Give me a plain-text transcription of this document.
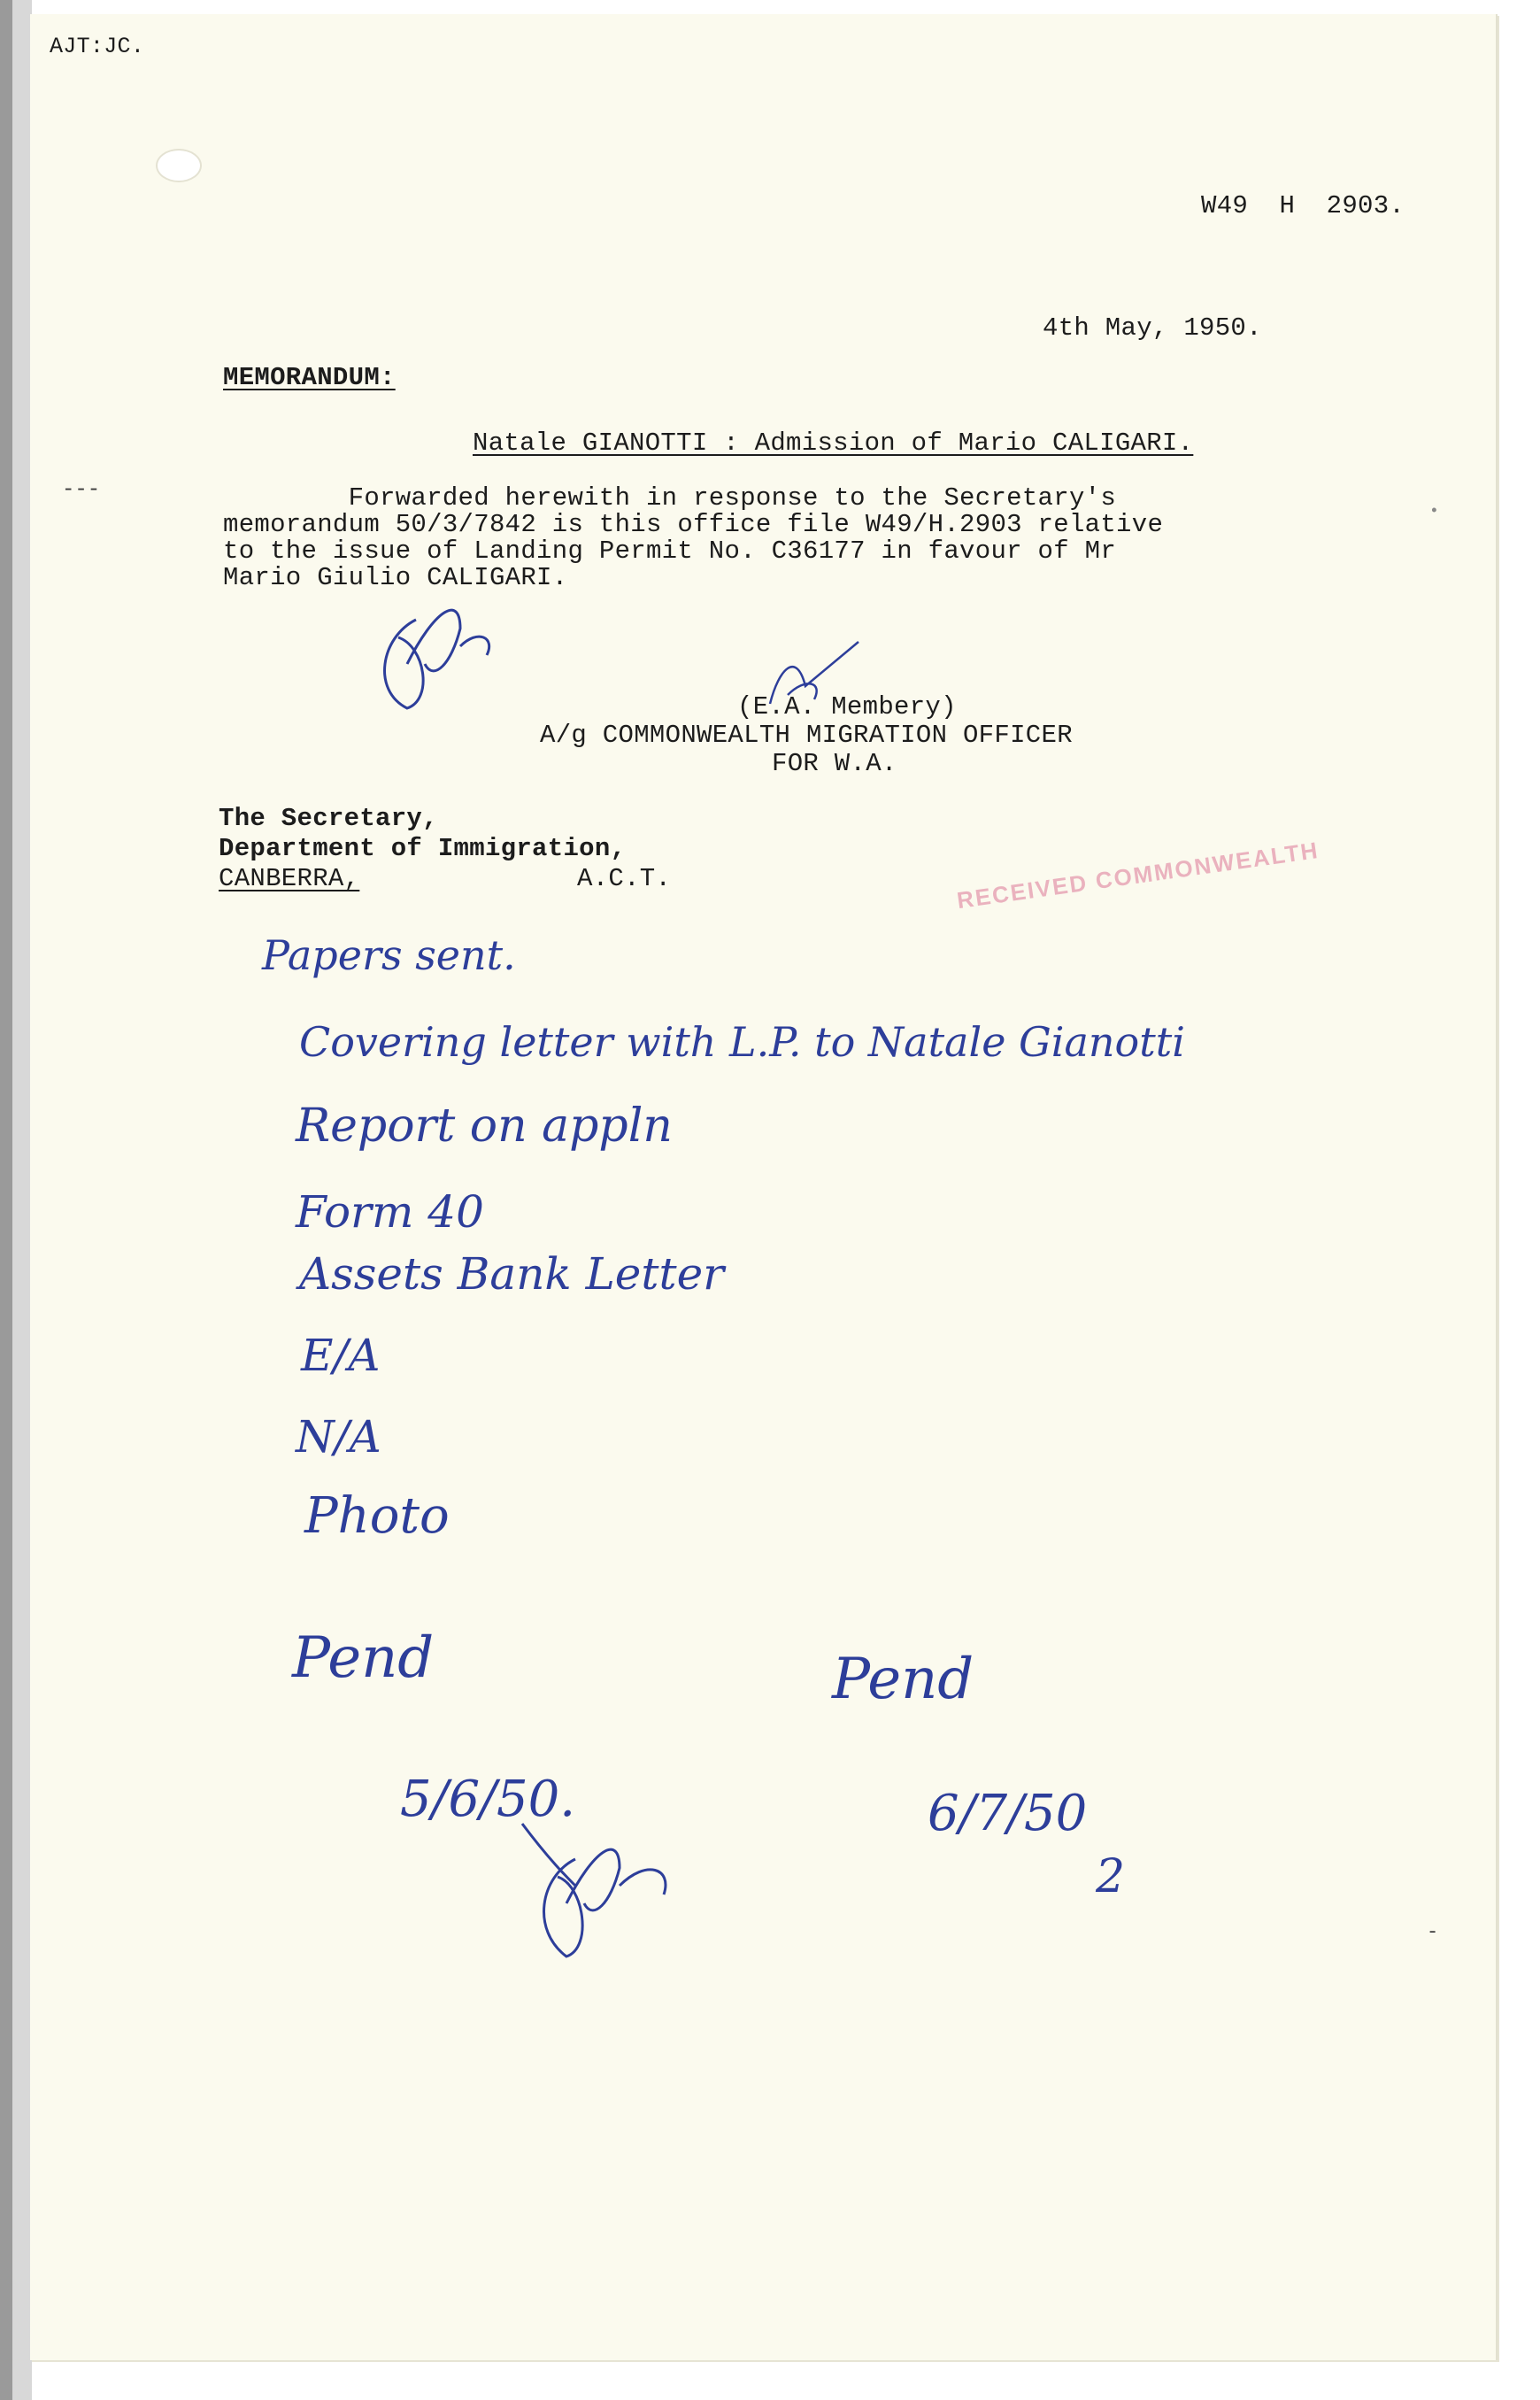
---
•
AJT:JC.
W49  H  2903.
4th May, 1950.
MEMORANDUM:
Natale GIANOTTI : Admission of Mario CALIGARI.
Forwarded herewith in response to the Secretary's
memorandum 50/3/7842 is this office file W49/H.2903 relative
to the issue of Landing Permit No. C36177 in favour of Mr
Mario Giulio CALIGARI.
(E.A. Membery)
A/g COMMONWEALTH MIGRATION OFFICER
FOR W.A.
The Secretary,
Department of Immigration,
CANBERRA,	A.C.T.	RECEIVED COMMONWEALTH
Papers sent.
Covering letter with L.P. to Natale Gianotti
Report on appln
Form 40
Assets Bank Letter
E/A
N/A
Photo
Pend
5/6/50.
Pend
6/7/50
2
-
